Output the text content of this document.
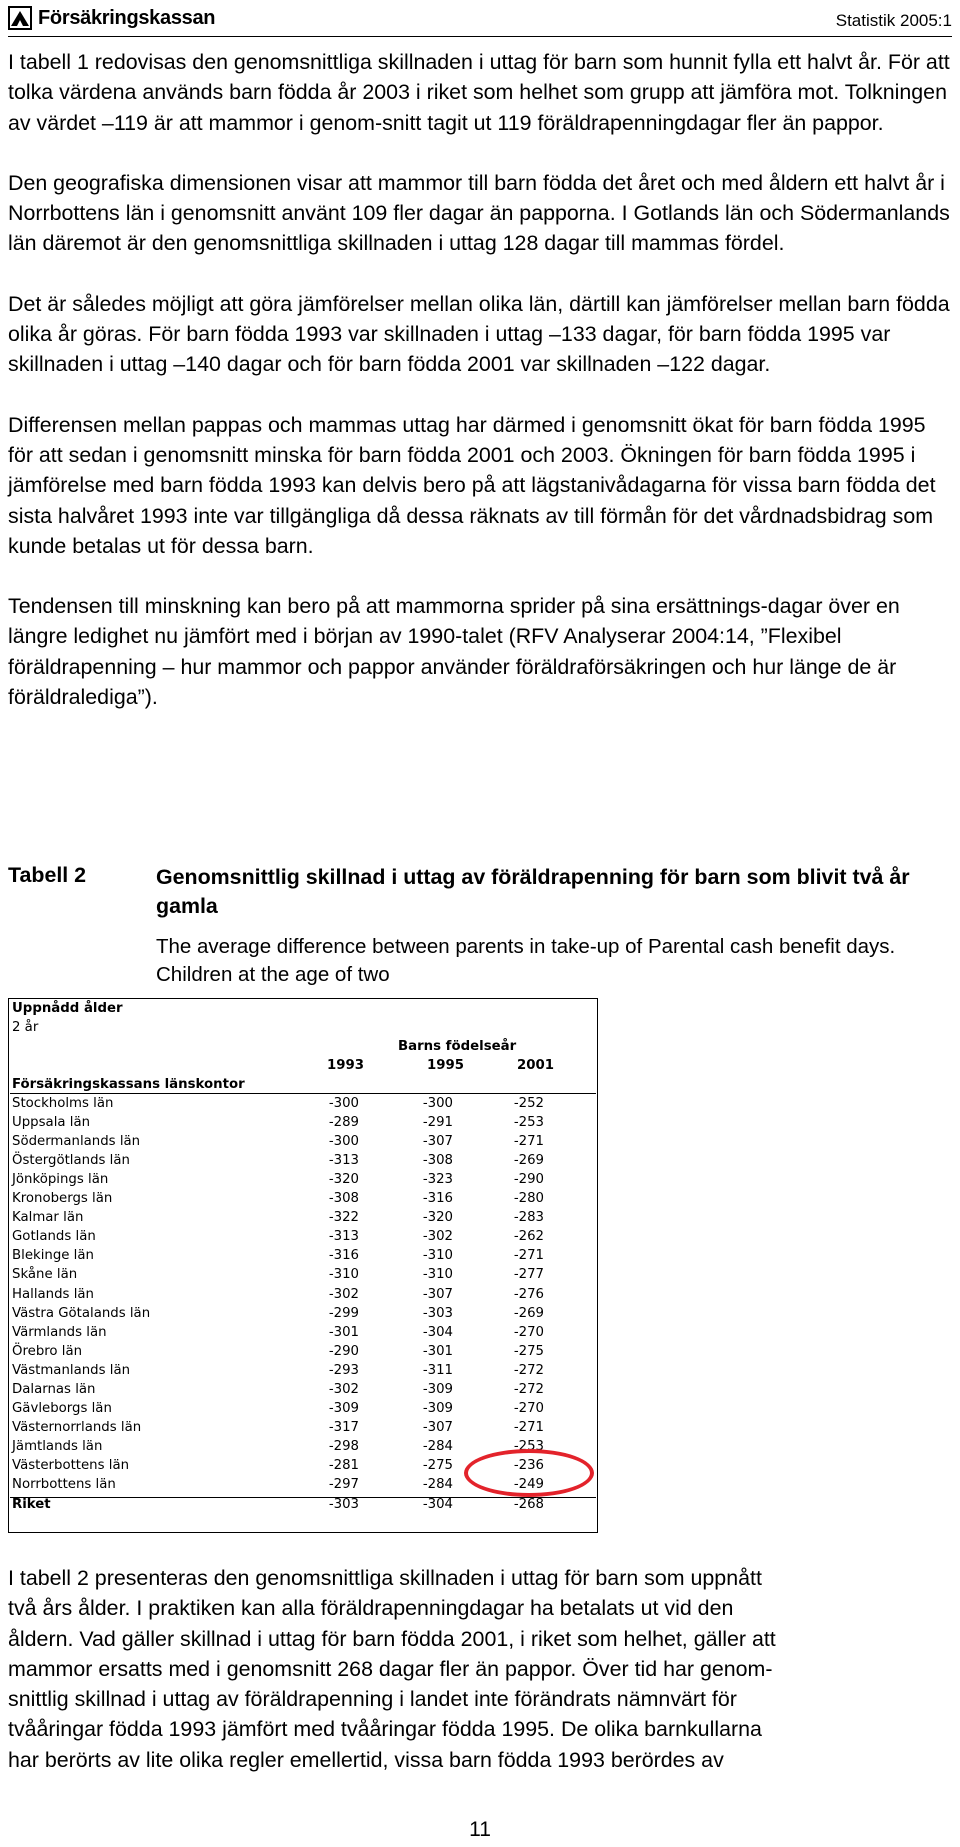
Försäkringskassan	Statistik 2005:1

I tabell 1 redovisas den genomsnittliga skillnaden i uttag för barn som hunnit fylla ett halvt år. För att tolka värdena används barn födda år 2003 i riket som helhet som grupp att jämföra mot. Tolkningen av värdet –119 är att mammor i genom-snitt tagit ut 119 föräldrapenningdagar fler än pappor.

Den geografiska dimensionen visar att mammor till barn födda det året och med åldern ett halvt år i Norrbottens län i genomsnitt använt 109 fler dagar än papporna. I Gotlands län och Södermanlands län däremot är den genomsnittliga skillnaden i uttag 128 dagar till mammas fördel.

Det är således möjligt att göra jämförelser mellan olika län, därtill kan jämförelser mellan barn födda olika år göras. För barn födda 1993 var skillnaden i uttag –133 dagar, för barn födda 1995 var skillnaden i uttag –140 dagar och för barn födda 2001 var skillnaden –122 dagar.

Differensen mellan pappas och mammas uttag har därmed i genomsnitt ökat för barn födda 1995 för att sedan i genomsnitt minska för barn födda 2001 och 2003. Ökningen för barn födda 1995 i jämförelse med barn födda 1993 kan delvis bero på att lägstanivådagarna för vissa barn födda det sista halvåret 1993 inte var tillgängliga då dessa räknats av till förmån för det vårdnadsbidrag som kunde betalas ut för dessa barn.

Tendensen till minskning kan bero på att mammorna sprider på sina ersättnings-dagar över en längre ledighet nu jämfört med i början av 1990-talet (RFV Analyserar 2004:14, ”Flexibel föräldrapenning – hur mammor och pappor använder föräldraförsäkringen och hur länge de är föräldralediga”).

Tabell 2	Genomsnittlig skillnad i uttag av föräldrapenning för barn som blivit två år gamla
The average difference between parents in take-up of Parental cash benefit days. Children at the age of two
Uppnådd ålder
2 år
Barns födelseår
1993	1995	2001
Försäkringskassans länskontor
Stockholms län	-300	-300	-252
Uppsala län	-289	-291	-253
Södermanlands län	-300	-307	-271
Östergötlands län	-313	-308	-269
Jönköpings län	-320	-323	-290
Kronobergs län	-308	-316	-280
Kalmar län	-322	-320	-283
Gotlands län	-313	-302	-262
Blekinge län	-316	-310	-271
Skåne län	-310	-310	-277
Hallands län	-302	-307	-276
Västra Götalands län	-299	-303	-269
Värmlands län	-301	-304	-270
Örebro län	-290	-301	-275
Västmanlands län	-293	-311	-272
Dalarnas län	-302	-309	-272
Gävleborgs län	-309	-309	-270
Västernorrlands län	-317	-307	-271
Jämtlands län	-298	-284	-253
Västerbottens län	-281	-275	-236
Norrbottens län	-297	-284	-249
Riket	-303	-304	-268

I tabell 2 presenteras den genomsnittliga skillnaden i uttag för barn som uppnått

två års ålder. I praktiken kan alla föräldrapenningdagar ha betalats ut vid den

åldern. Vad gäller skillnad i uttag för barn födda 2001, i riket som helhet, gäller att

mammor ersatts med i genomsnitt 268 dagar fler än pappor. Över tid har genom-

snittlig skillnad i uttag av föräldrapenning i landet inte förändrats nämnvärt för

tvååringar födda 1993 jämfört med tvååringar födda 1995. De olika barnkullarna

har berörts av lite olika regler emellertid, vissa barn födda 1993 berördes av

11
